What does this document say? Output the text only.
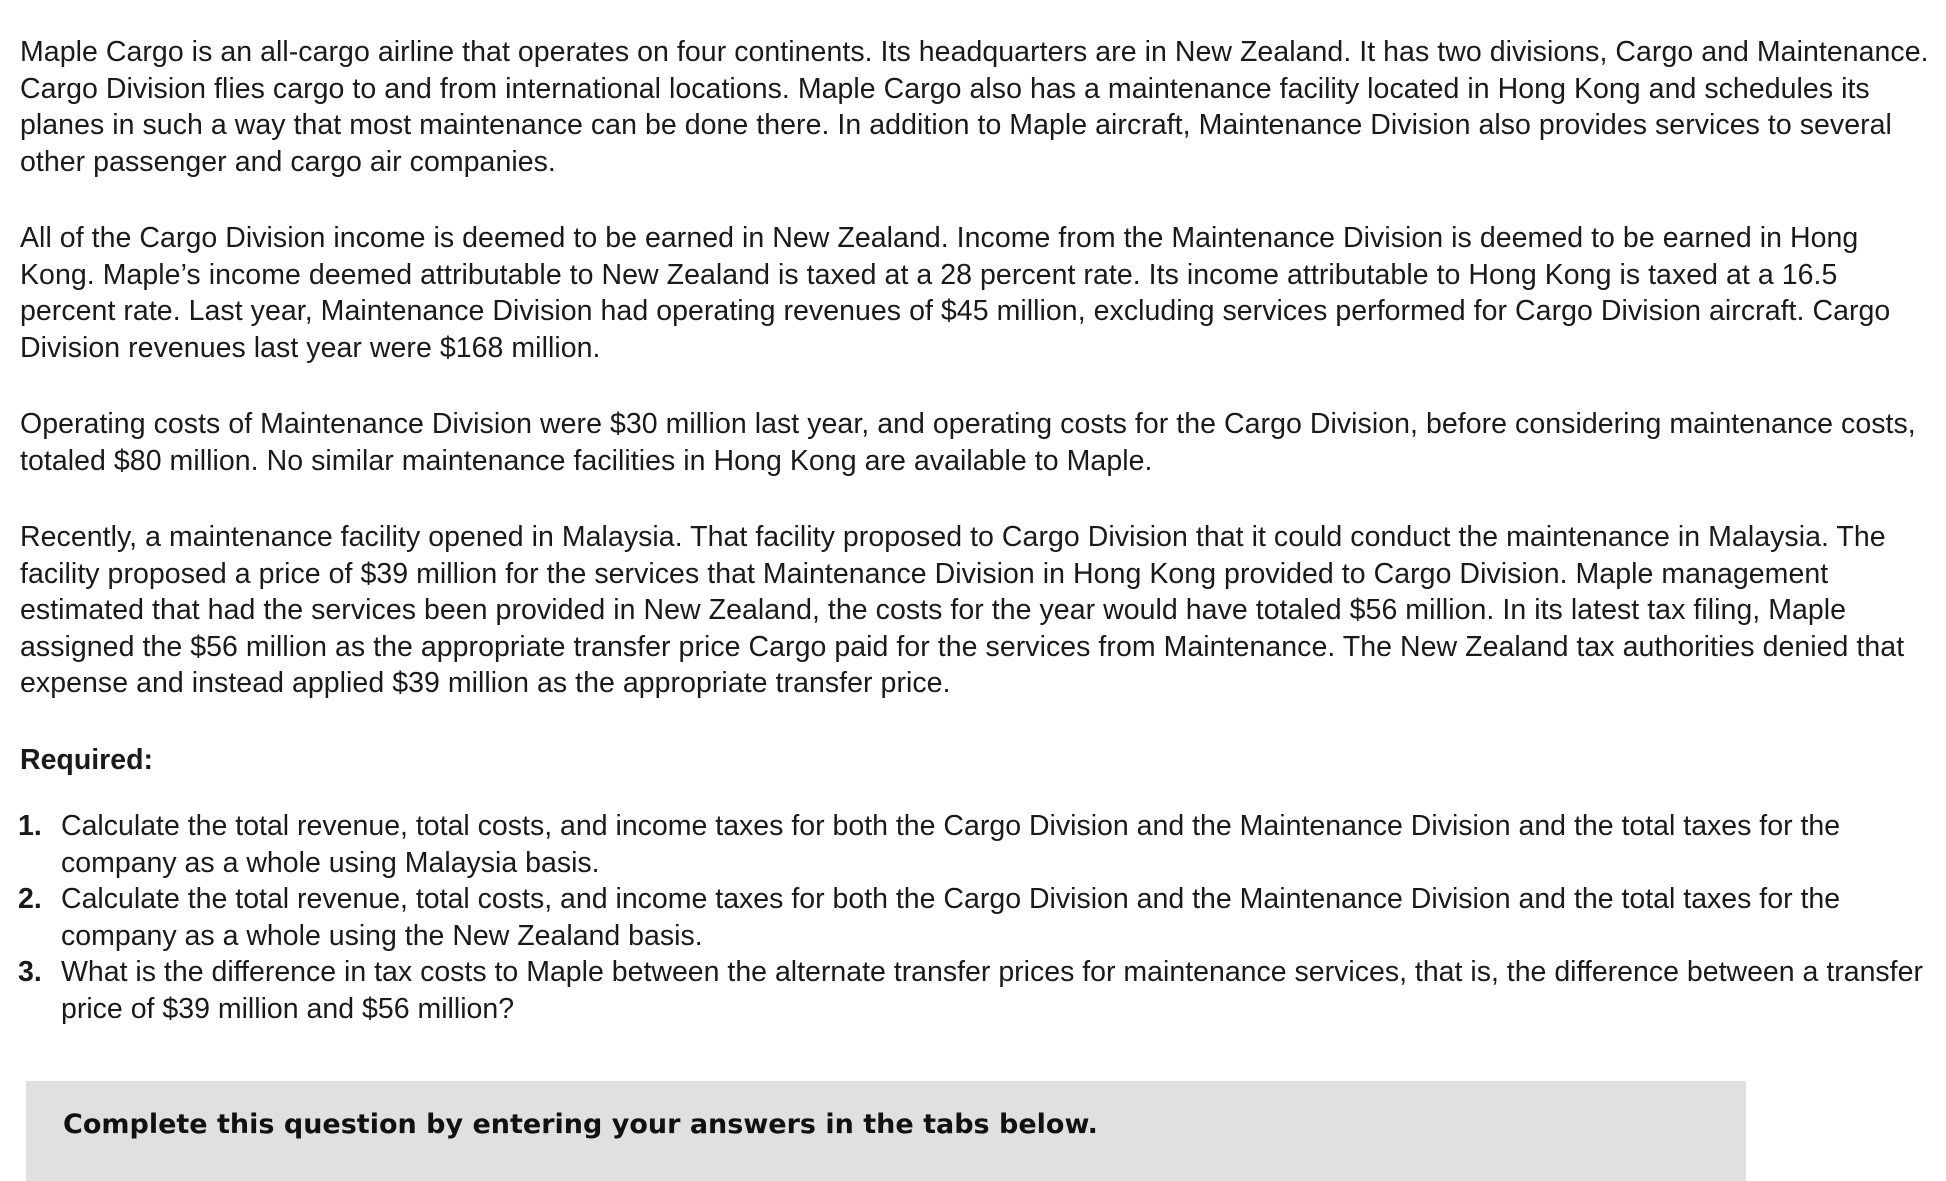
Maple Cargo is an all-cargo airline that operates on four continents. Its headquarters are in New Zealand. It has two divisions, Cargo and Maintenance. Cargo Division flies cargo to and from international locations. Maple Cargo also has a maintenance facility located in Hong Kong and schedules its planes in such a way that most maintenance can be done there. In addition to Maple aircraft, Maintenance Division also provides services to several other passenger and cargo air companies.

All of the Cargo Division income is deemed to be earned in New Zealand. Income from the Maintenance Division is deemed to be earned in Hong Kong. Maple’s income deemed attributable to New Zealand is taxed at a 28 percent rate. Its income attributable to Hong Kong is taxed at a 16.5 percent rate. Last year, Maintenance Division had operating revenues of $45 million, excluding services performed for Cargo Division aircraft. Cargo Division revenues last year were $168 million.

Operating costs of Maintenance Division were $30 million last year, and operating costs for the Cargo Division, before considering maintenance costs, totaled $80 million. No similar maintenance facilities in Hong Kong are available to Maple.

Recently, a maintenance facility opened in Malaysia. That facility proposed to Cargo Division that it could conduct the maintenance in Malaysia. The facility proposed a price of $39 million for the services that Maintenance Division in Hong Kong provided to Cargo Division. Maple management estimated that had the services been provided in New Zealand, the costs for the year would have totaled $56 million. In its latest tax filing, Maple assigned the $56 million as the appropriate transfer price Cargo paid for the services from Maintenance. The New Zealand tax authorities denied that expense and instead applied $39 million as the appropriate transfer price.

Required:
1. Calculate the total revenue, total costs, and income taxes for both the Cargo Division and the Maintenance Division and the total taxes for the company as a whole using Malaysia basis.
2. Calculate the total revenue, total costs, and income taxes for both the Cargo Division and the Maintenance Division and the total taxes for the company as a whole using the New Zealand basis.
3. What is the difference in tax costs to Maple between the alternate transfer prices for maintenance services, that is, the difference between a transfer price of $39 million and $56 million?
Complete this question by entering your answers in the tabs below.
